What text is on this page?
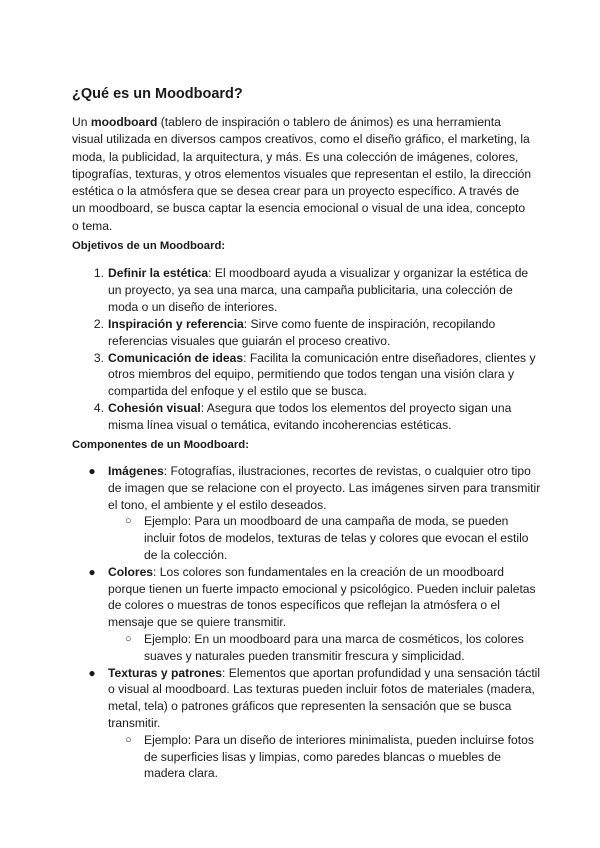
¿Qué es un Moodboard?

Un moodboard (tablero de inspiración o tablero de ánimos) es una herramienta visual utilizada en diversos campos creativos, como el diseño gráfico, el marketing, la moda, la publicidad, la arquitectura, y más. Es una colección de imágenes, colores, tipografías, texturas, y otros elementos visuales que representan el estilo, la dirección estética o la atmósfera que se desea crear para un proyecto específico. A través de un moodboard, se busca captar la esencia emocional o visual de una idea, concepto o tema.

Objetivos de un Moodboard:

1. Definir la estética: El moodboard ayuda a visualizar y organizar la estética de un proyecto, ya sea una marca, una campaña publicitaria, una colección de moda o un diseño de interiores.
2. Inspiración y referencia: Sirve como fuente de inspiración, recopilando referencias visuales que guiarán el proceso creativo.
3. Comunicación de ideas: Facilita la comunicación entre diseñadores, clientes y otros miembros del equipo, permitiendo que todos tengan una visión clara y compartida del enfoque y el estilo que se busca.
4. Cohesión visual: Asegura que todos los elementos del proyecto sigan una misma línea visual o temática, evitando incoherencias estéticas.

Componentes de un Moodboard:

● Imágenes: Fotografías, ilustraciones, recortes de revistas, o cualquier otro tipo de imagen que se relacione con el proyecto. Las imágenes sirven para transmitir el tono, el ambiente y el estilo deseados.
○ Ejemplo: Para un moodboard de una campaña de moda, se pueden incluir fotos de modelos, texturas de telas y colores que evocan el estilo de la colección.
● Colores: Los colores son fundamentales en la creación de un moodboard porque tienen un fuerte impacto emocional y psicológico. Pueden incluir paletas de colores o muestras de tonos específicos que reflejan la atmósfera o el mensaje que se quiere transmitir.
○ Ejemplo: En un moodboard para una marca de cosméticos, los colores suaves y naturales pueden transmitir frescura y simplicidad.
● Texturas y patrones: Elementos que aportan profundidad y una sensación táctil o visual al moodboard. Las texturas pueden incluir fotos de materiales (madera, metal, tela) o patrones gráficos que representen la sensación que se busca transmitir.
○ Ejemplo: Para un diseño de interiores minimalista, pueden incluirse fotos de superficies lisas y limpias, como paredes blancas o muebles de madera clara.
